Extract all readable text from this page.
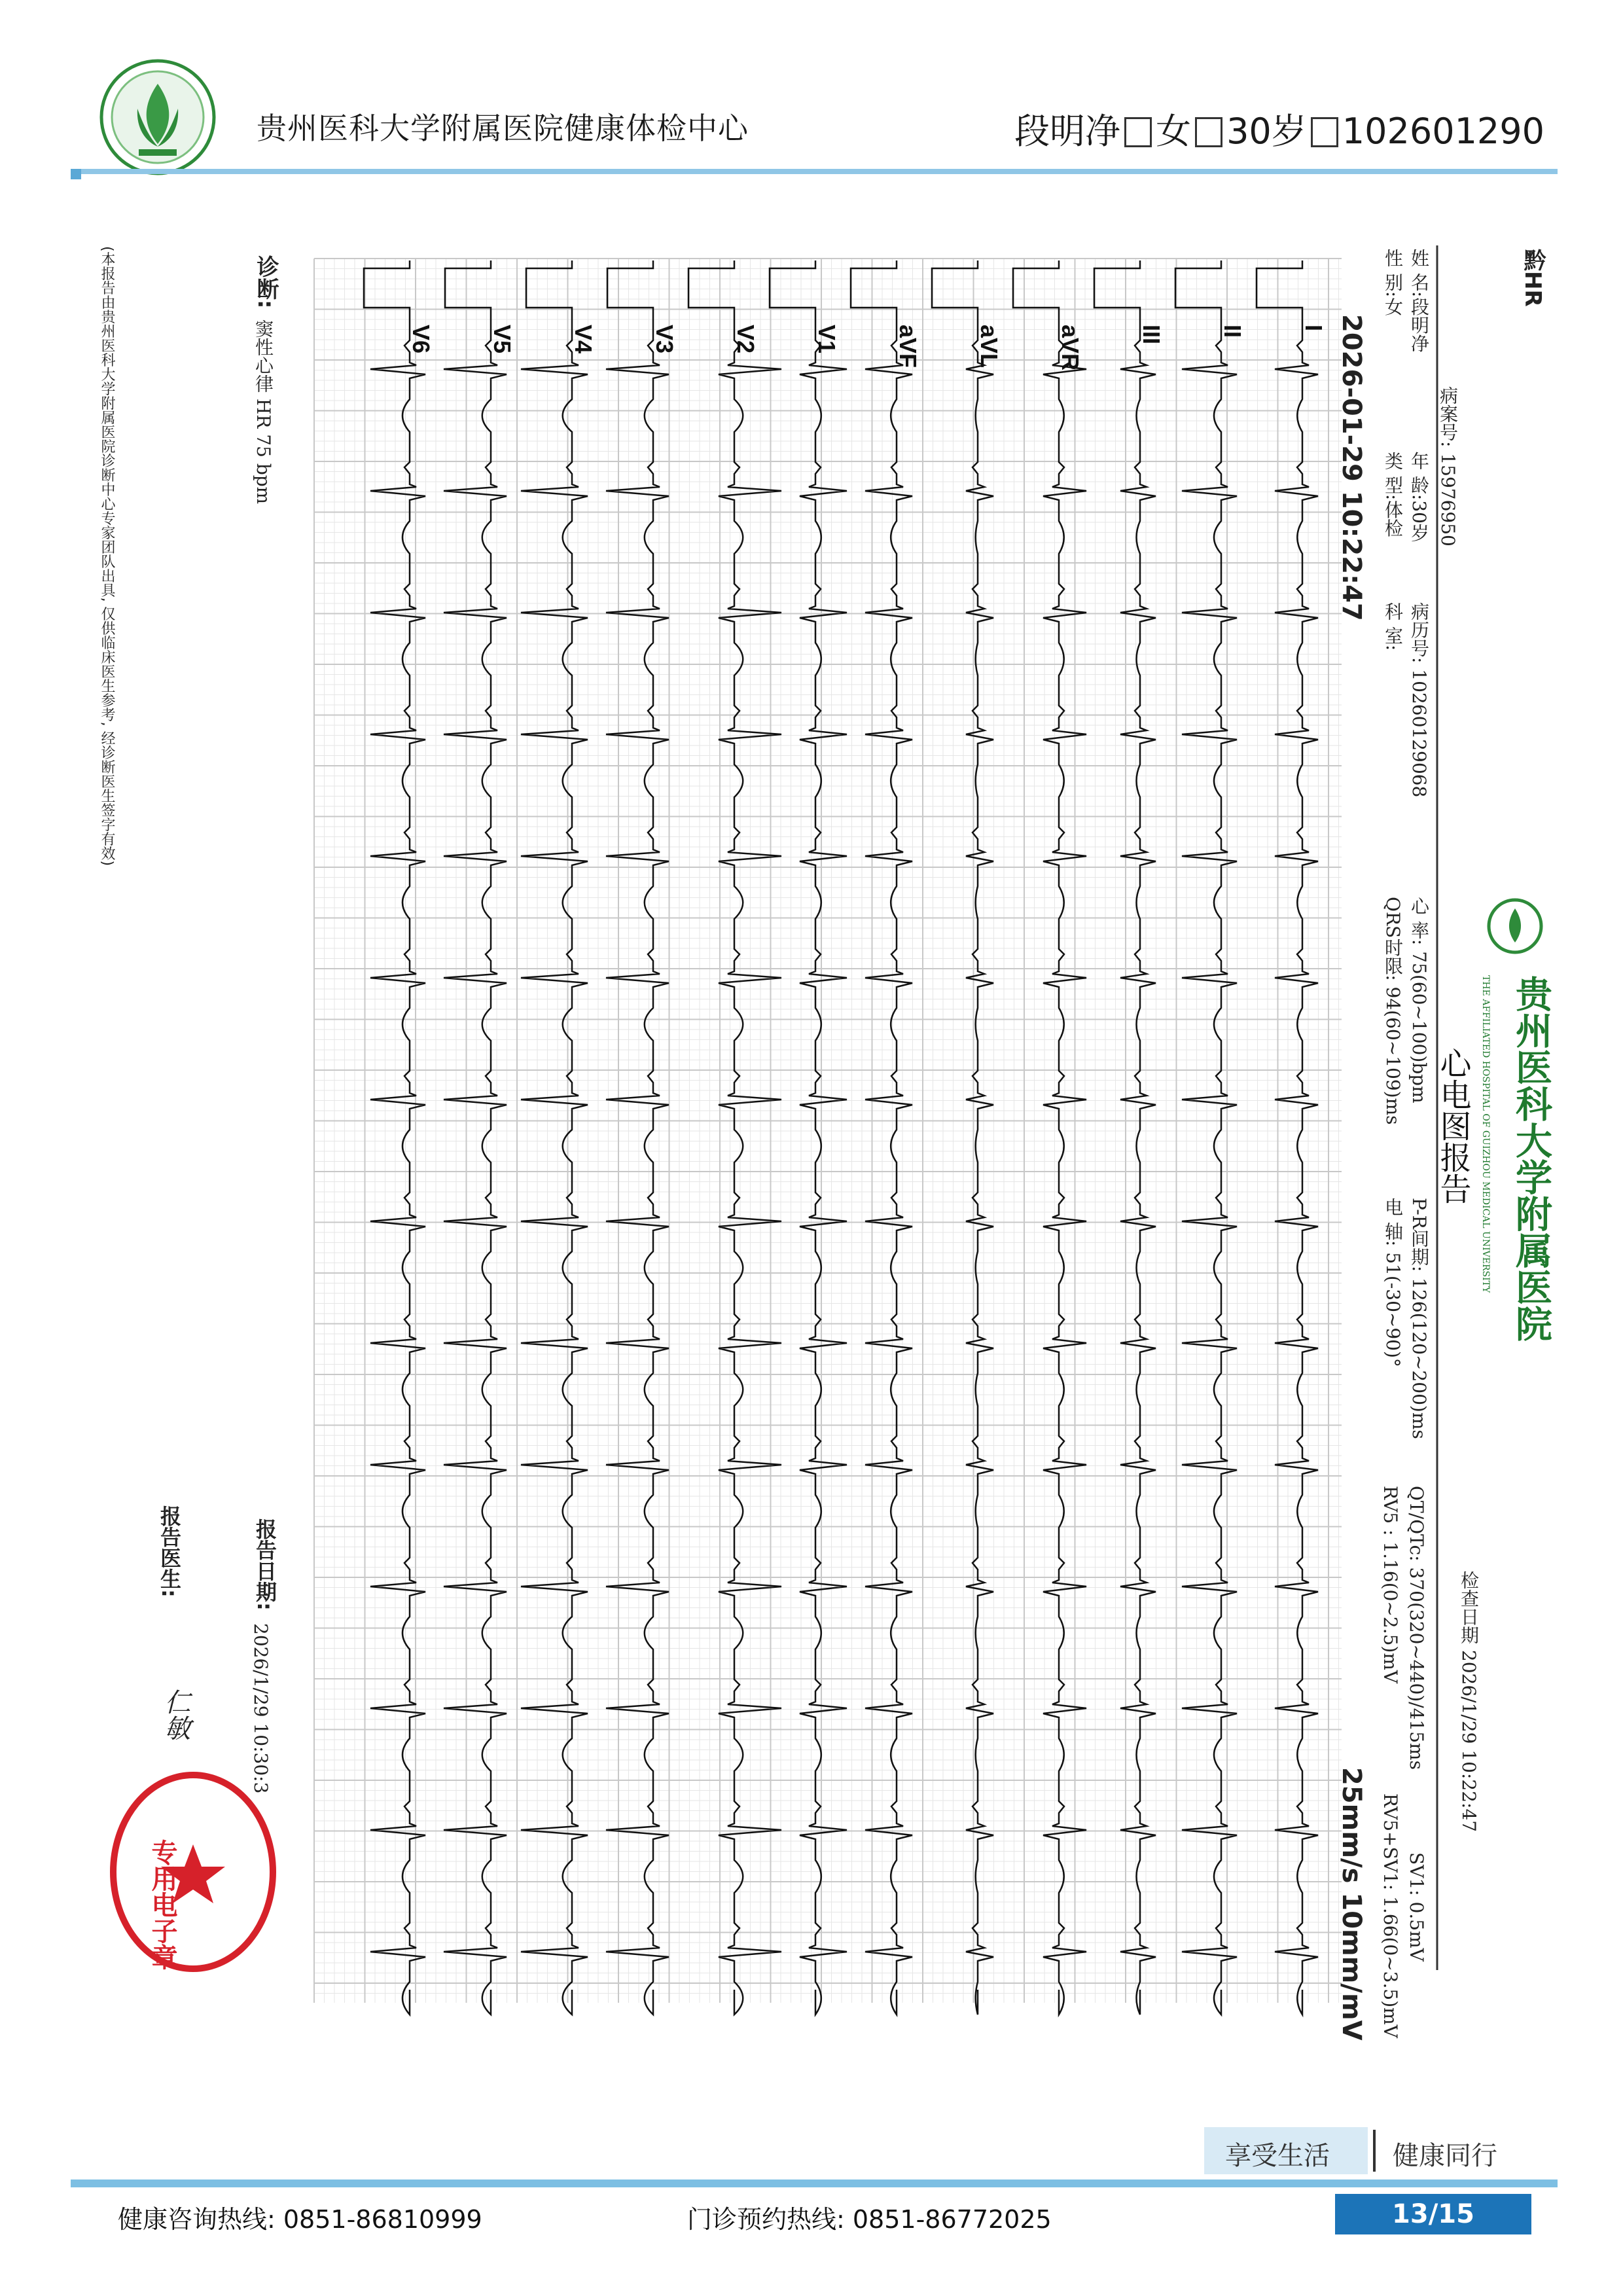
贵州医科大学附属医院健康体检中心	段明净 女 30岁 102601290
黔HR
贵州医科大学附属医院
THE AFFILIATED HOSPITAL OF GUIZHOU MEDICAL UNIVERSITY
心电图报告
姓 名:段明净
性 别:女
病案号: 15976950
年 龄:30岁
类 型:体检
病历号: 10260129068
科 室:
检查日期 2026/1/29 10:22:47
心 率: 75(60~100)bpm
P-R间期: 126(120~200)ms
QT/QTc: 370(320~440)/415ms
SV1: 0.5mV
QRS时限: 94(60~109)ms
电 轴: 51(-30~90)°
RV5 : 1.16(0~2.5)mV
RV5+SV1: 1.66(0~3.5)mV
2026-01-29 10:22:47
25mm/s 10mm/mV
I
II
III
aVR
aVL
aVF
V1
V2
V3
V4
V5
V6
诊断:
窦性心律 HR 75 bpm
报告日期:
2026/1/29 10:30:3
报告医生:
仁敏
(本报告由贵州医科大学附属医院诊断中心专家团队出具, 仅供临床医生参考, 经诊断医生签字有效)
专用电子章
享受生活 健康同行
健康咨询热线: 0851-86810999	门诊预约热线: 0851-86772025	13/15
